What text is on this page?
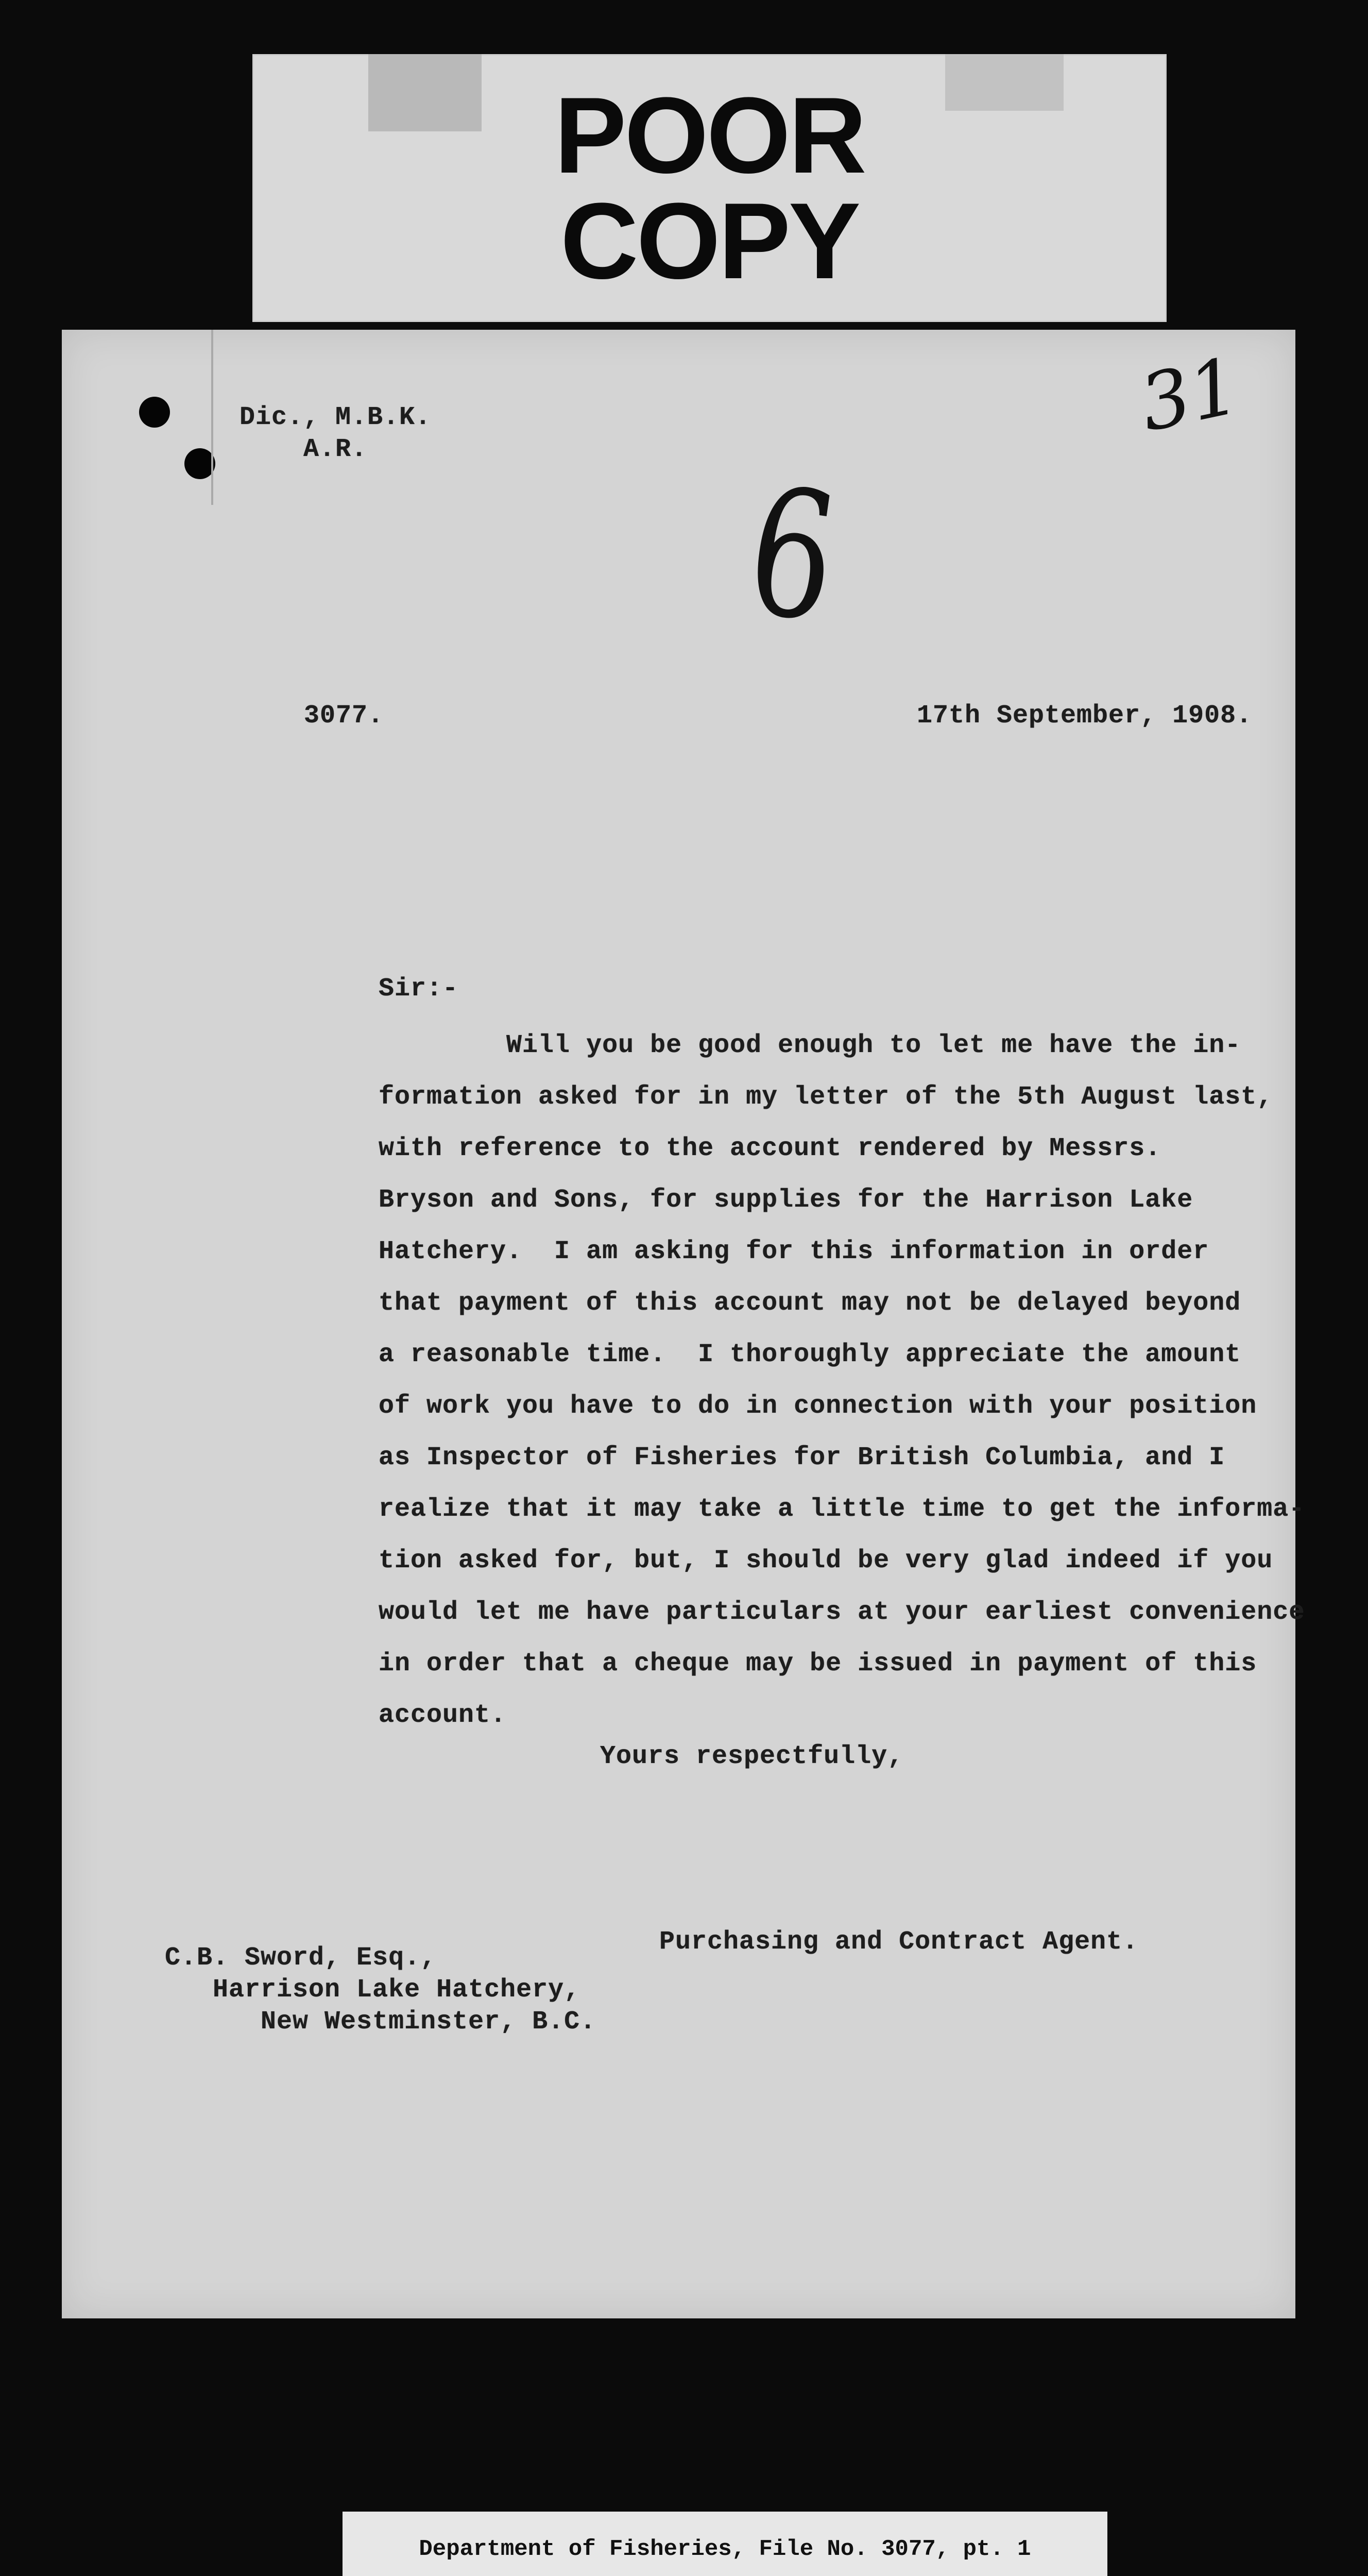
POOR
COPY
31
6
Dic., M.B.K.
A.R.
3077.	17th September, 1908.
Sir:-
Will you be good enough to let me have the in-
formation asked for in my letter of the 5th August last,
with reference to the account rendered by Messrs.
Bryson and Sons, for supplies for the Harrison Lake
Hatchery.  I am asking for this information in order
that payment of this account may not be delayed beyond
a reasonable time.  I thoroughly appreciate the amount
of work you have to do in connection with your position
as Inspector of Fisheries for British Columbia, and I
realize that it may take a little time to get the informa-
tion asked for, but, I should be very glad indeed if you
would let me have particulars at your earliest convenience
in order that a cheque may be issued in payment of this
account.
Yours respectfully,
Purchasing and Contract Agent.
C.B. Sword, Esq.,
Harrison Lake Hatchery,
New Westminster, B.C.
Department of Fisheries, File No. 3077, pt. 1
